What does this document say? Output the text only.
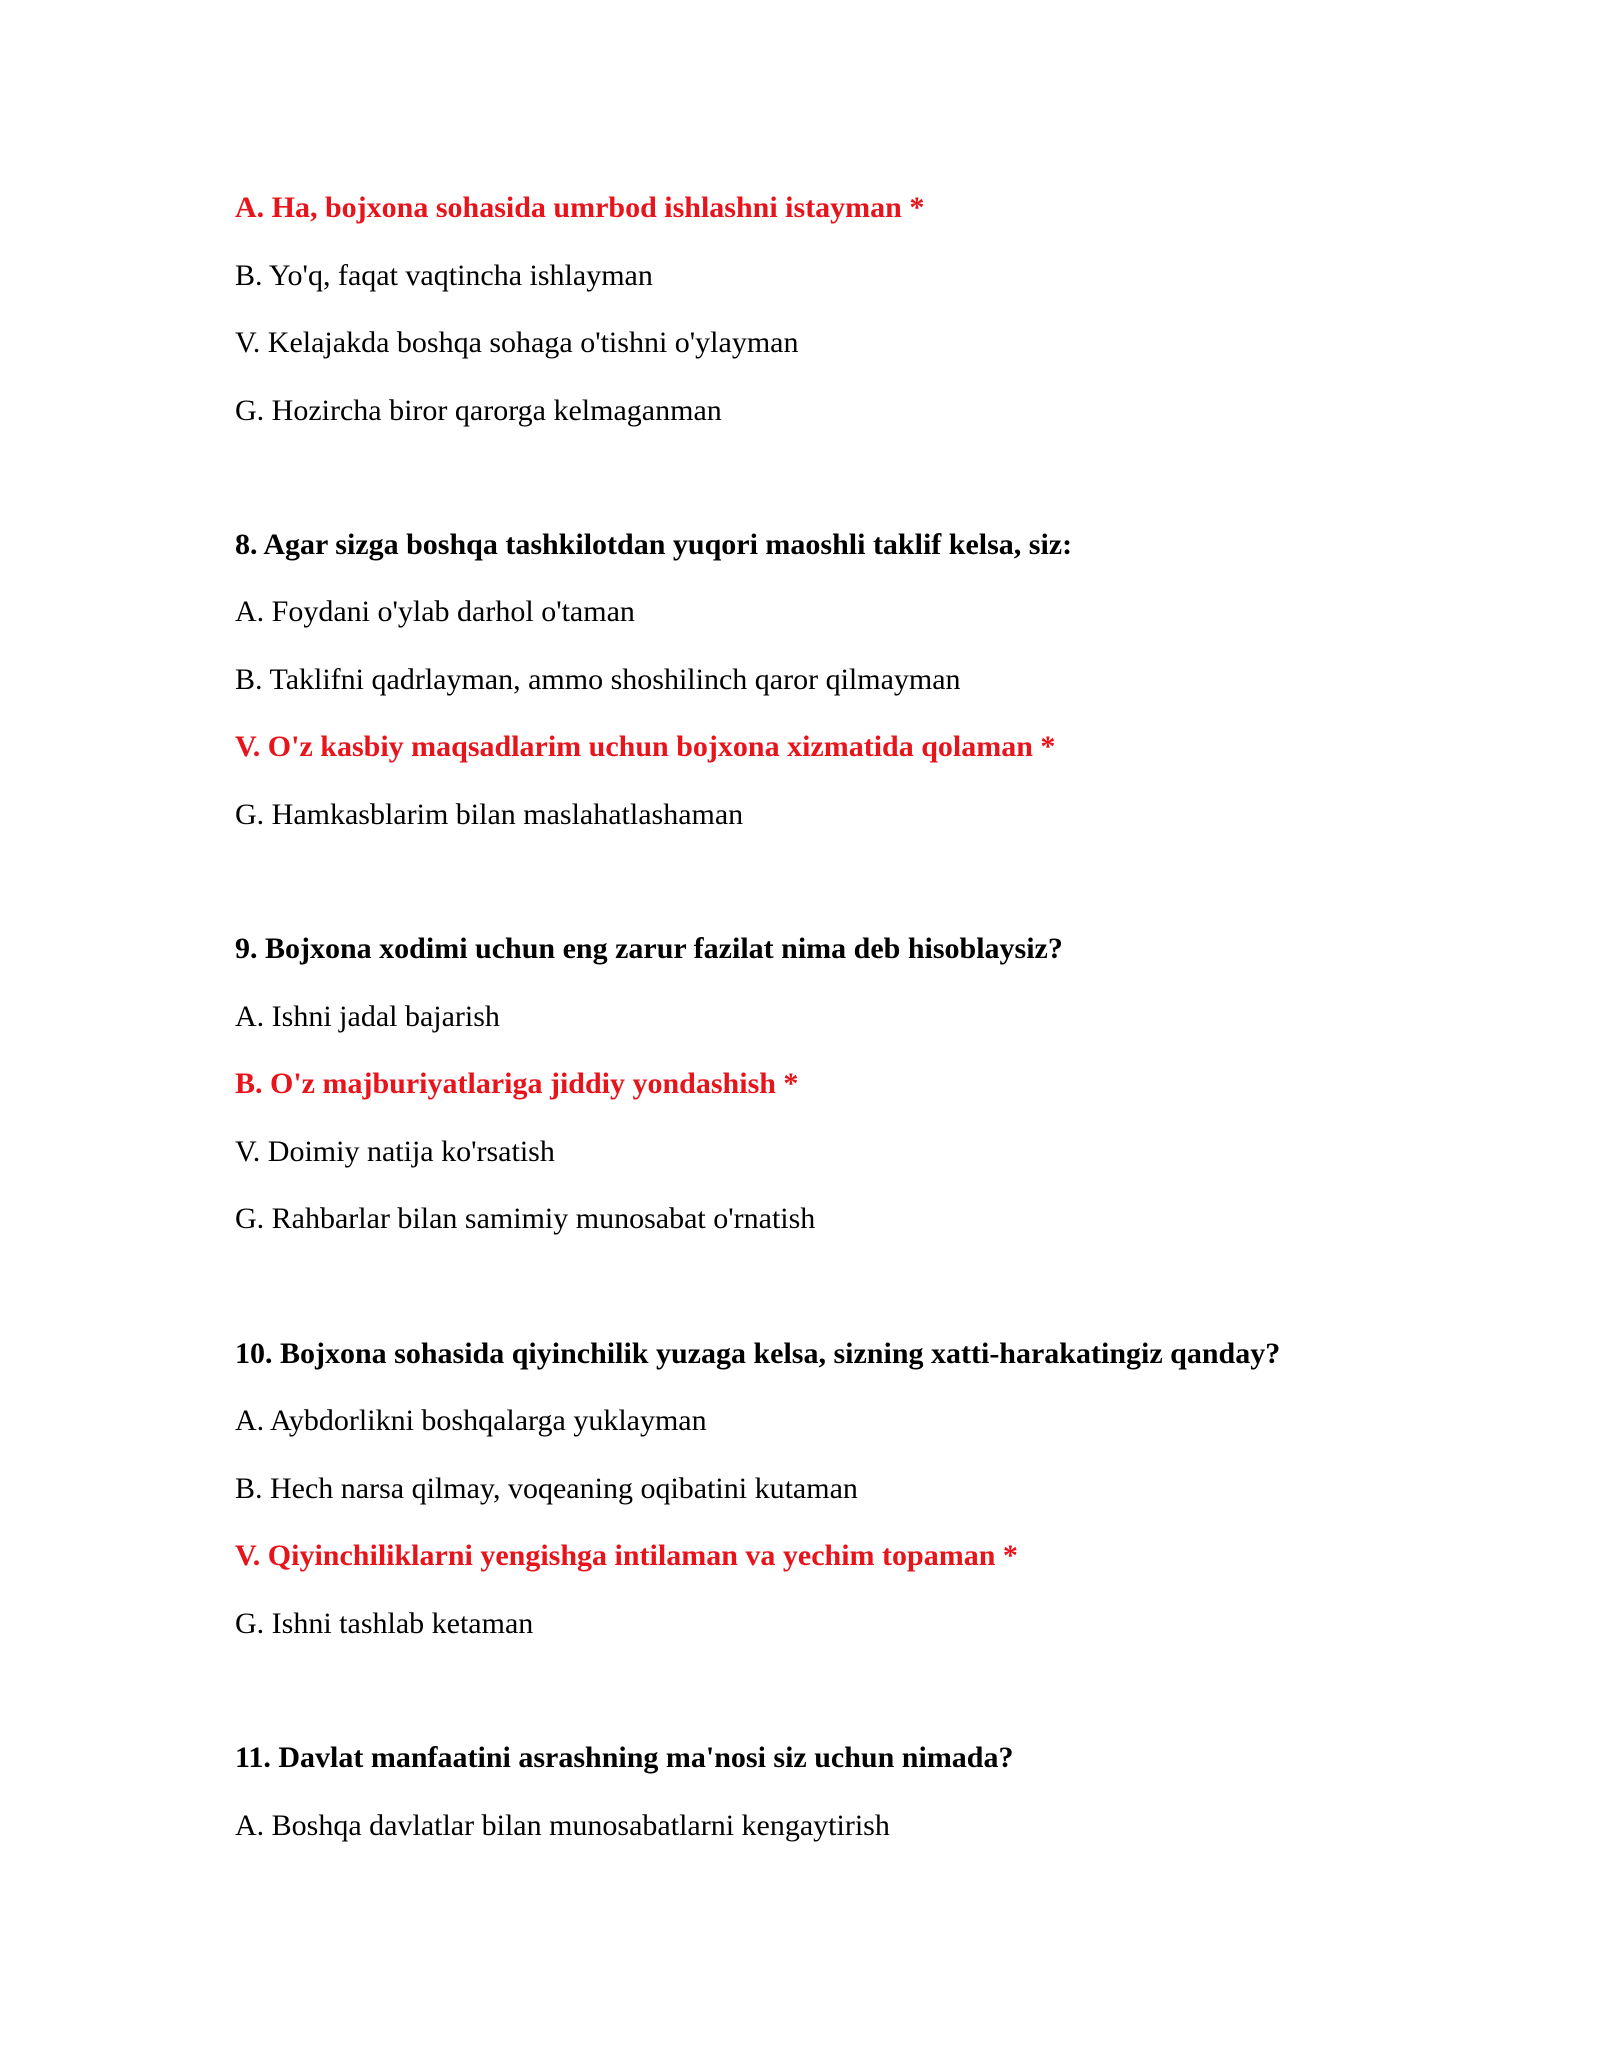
A. Ha, bojxona sohasida umrbod ishlashni istayman *
B. Yo'q, faqat vaqtincha ishlayman
V. Kelajakda boshqa sohaga o'tishni o'ylayman
G. Hozircha biror qarorga kelmaganman
8. Agar sizga boshqa tashkilotdan yuqori maoshli taklif kelsa, siz:
A. Foydani o'ylab darhol o'taman
B. Taklifni qadrlayman, ammo shoshilinch qaror qilmayman
V. O'z kasbiy maqsadlarim uchun bojxona xizmatida qolaman *
G. Hamkasblarim bilan maslahatlashaman
9. Bojxona xodimi uchun eng zarur fazilat nima deb hisoblaysiz?
A. Ishni jadal bajarish
B. O'z majburiyatlariga jiddiy yondashish *
V. Doimiy natija ko'rsatish
G. Rahbarlar bilan samimiy munosabat o'rnatish
10. Bojxona sohasida qiyinchilik yuzaga kelsa, sizning xatti-harakatingiz qanday?
A. Aybdorlikni boshqalarga yuklayman
B. Hech narsa qilmay, voqeaning oqibatini kutaman
V. Qiyinchiliklarni yengishga intilaman va yechim topaman *
G. Ishni tashlab ketaman
11. Davlat manfaatini asrashning ma'nosi siz uchun nimada?
A. Boshqa davlatlar bilan munosabatlarni kengaytirish
